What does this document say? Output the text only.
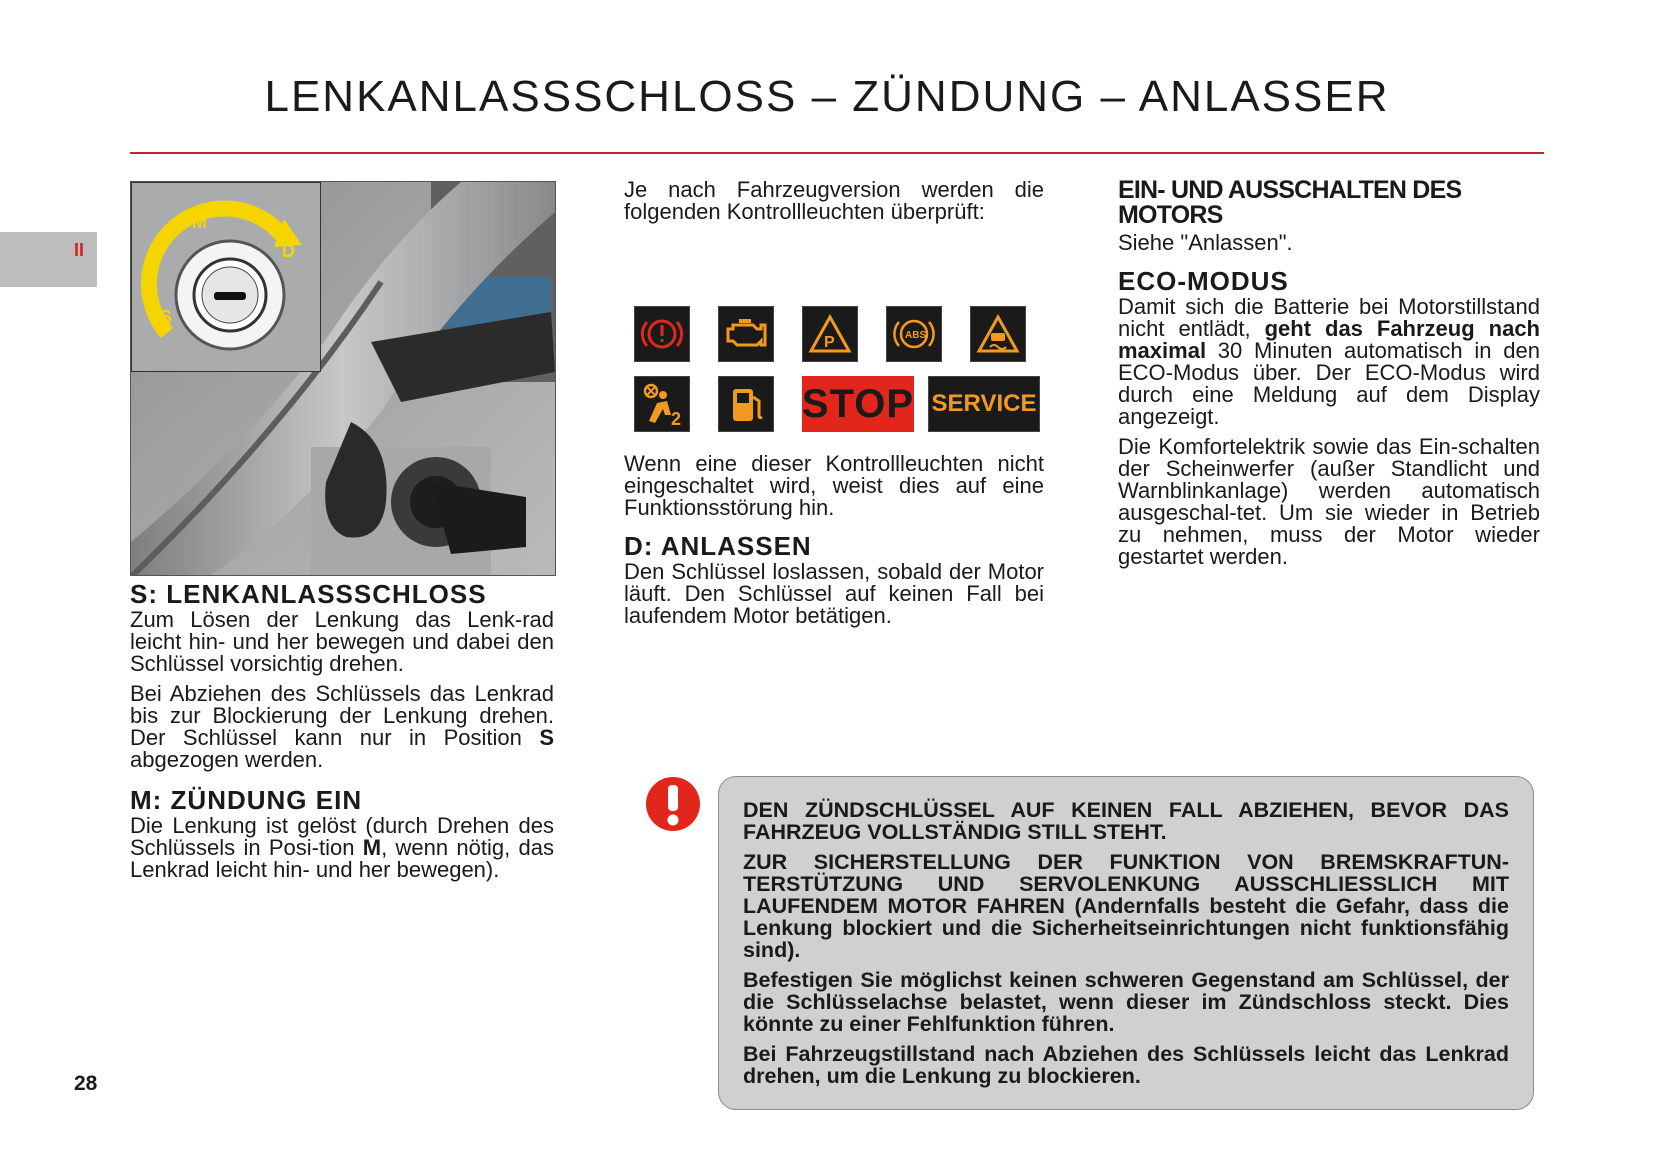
LENKANLASSSCHLOSS – ZÜNDUNG – ANLASSER
II
28
S
M
D
S: LENKANLASSSCHLOSS

Zum Lösen der Lenkung das Lenk-rad leicht hin- und her bewegen und dabei den Schlüssel vorsichtig drehen.

Bei Abziehen des Schlüssels das Lenkrad bis zur Blockierung der Lenkung drehen. Der Schlüssel kann nur in Position S abgezogen werden.

M: ZÜNDUNG EIN

Die Lenkung ist gelöst (durch Drehen des Schlüssels in Posi-tion M, wenn nötig, das Lenkrad leicht hin- und her bewegen).

Je nach Fahrzeugversion werden die folgenden Kontrollleuchten überprüft:

P	ABS
2	STOP SERVICE

Wenn eine dieser Kontrollleuchten nicht eingeschaltet wird, weist dies auf eine Funktionsstörung hin.

D: ANLASSEN

Den Schlüssel loslassen, sobald der Motor läuft. Den Schlüssel auf keinen Fall bei laufendem Motor betätigen.

EIN- UND AUSSCHALTEN DES MOTORS

Siehe "Anlassen".

ECO-MODUS

Damit sich die Batterie bei Motorstillstand nicht entlädt, geht das Fahrzeug nach maximal 30 Minuten automatisch in den ECO-Modus über. Der ECO-Modus wird durch eine Meldung auf dem Display angezeigt.

Die Komfortelektrik sowie das Ein-schalten der Scheinwerfer (außer Standlicht und Warnblinkanlage) werden automatisch ausgeschal-tet. Um sie wieder in Betrieb zu nehmen, muss der Motor wieder gestartet werden.

DEN ZÜNDSCHLÜSSEL AUF KEINEN FALL ABZIEHEN, BEVOR DAS FAHRZEUG VOLLSTÄNDIG STILL STEHT.

ZUR SICHERSTELLUNG DER FUNKTION VON BREMSKRAFTUN-TERSTÜTZUNG UND SERVOLENKUNG AUSSCHLIESSLICH MIT LAUFENDEM MOTOR FAHREN (Andernfalls besteht die Gefahr, dass die Lenkung blockiert und die Sicherheitseinrichtungen nicht funktionsfähig sind).

Befestigen Sie möglichst keinen schweren Gegenstand am Schlüssel, der die Schlüsselachse belastet, wenn dieser im Zündschloss steckt. Dies könnte zu einer Fehlfunktion führen.

Bei Fahrzeugstillstand nach Abziehen des Schlüssels leicht das Lenkrad drehen, um die Lenkung zu blockieren.
